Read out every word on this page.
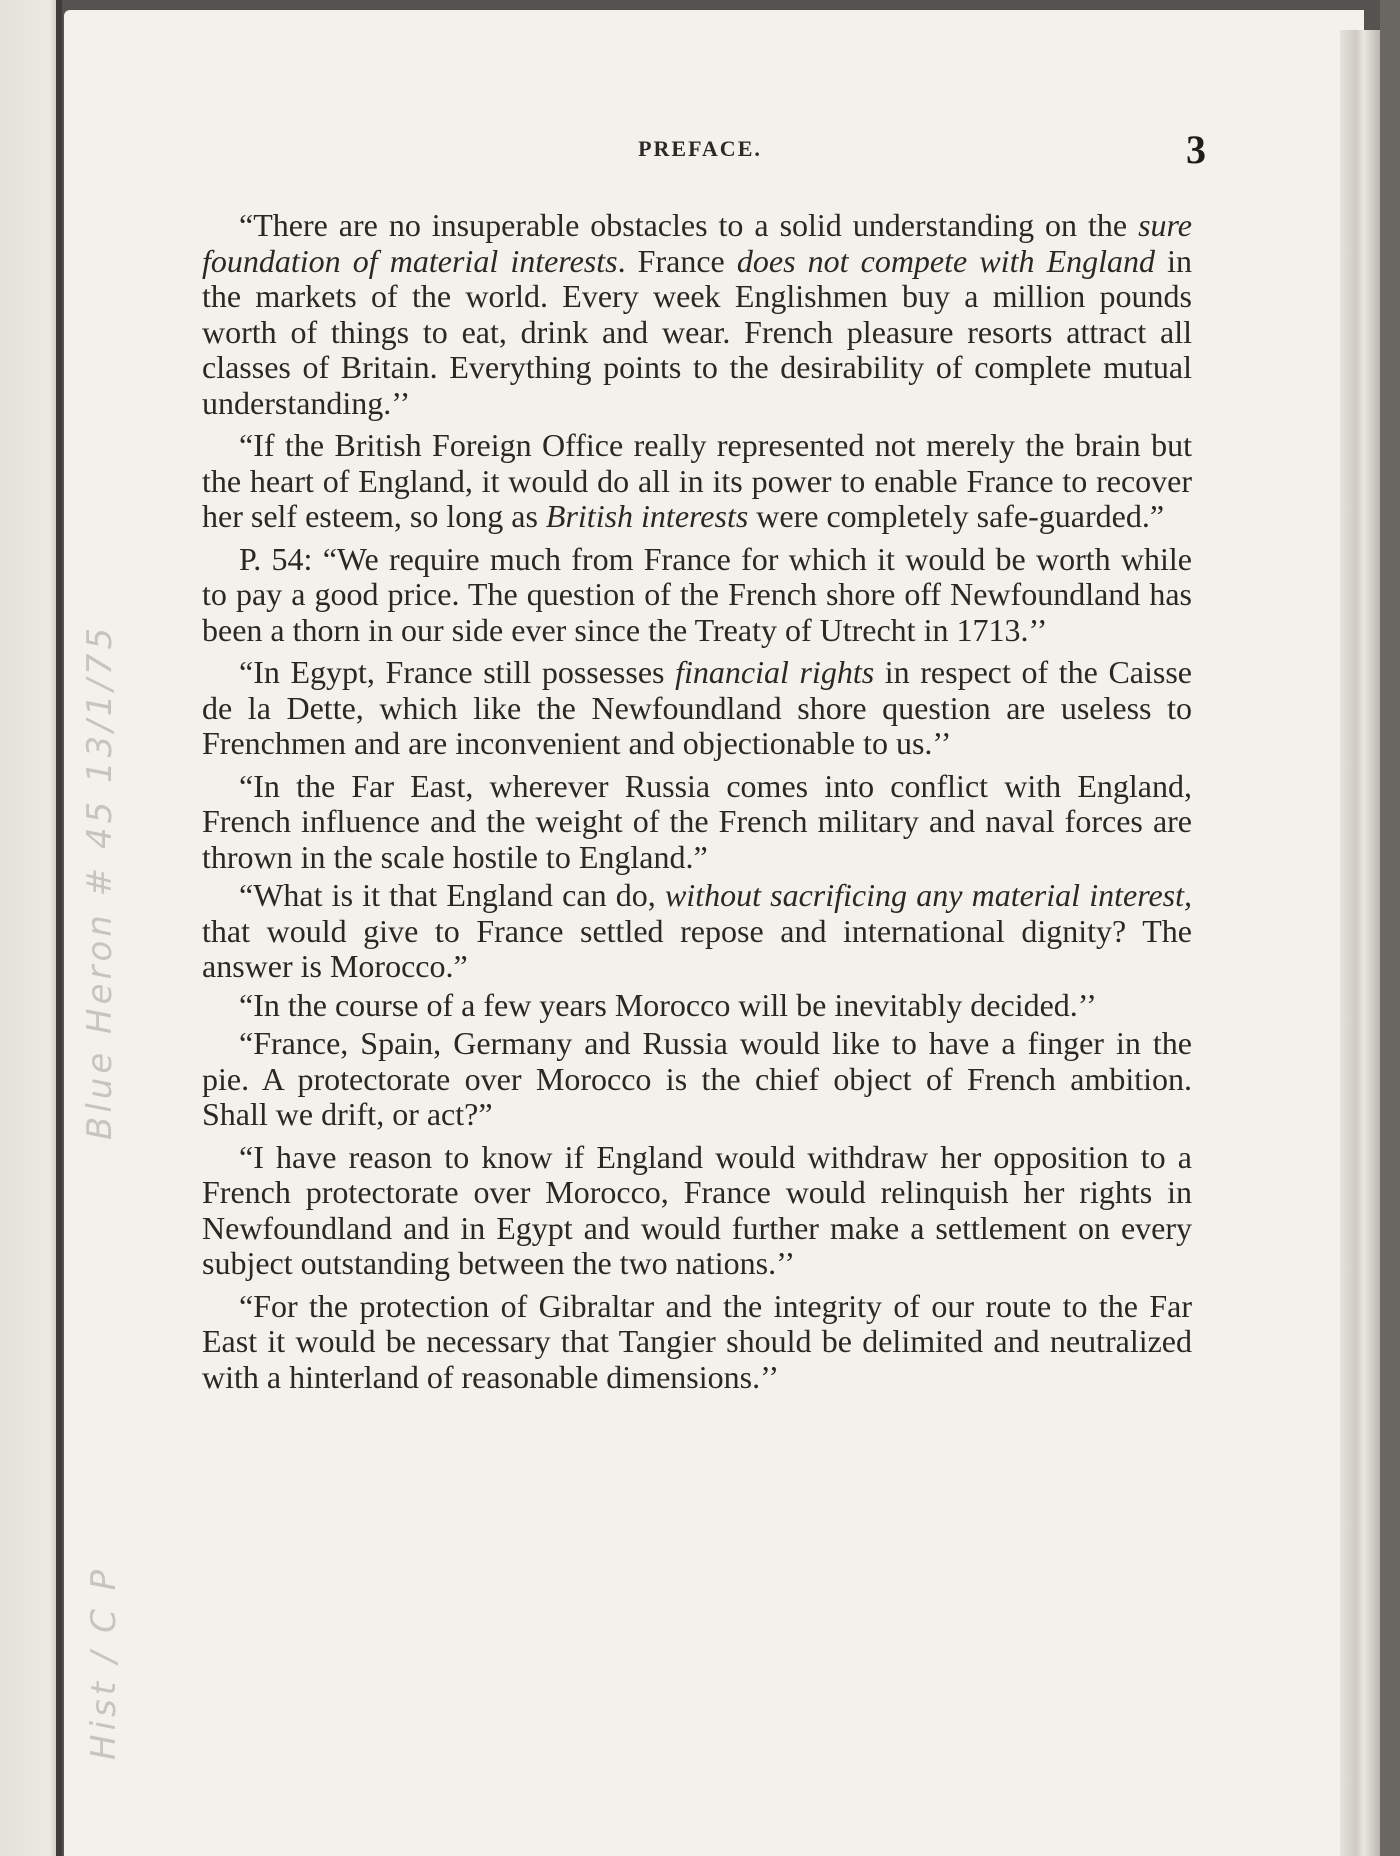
Blue Heron # 45 13/1/75
Hist / C P
PREFACE.	3

“There are no insuperable obstacles to a solid understanding on the sure foundation of material interests. France does not compete with England in the markets of the world. Every week Englishmen buy a million pounds worth of things to eat, drink and wear. French pleasure resorts attract all classes of Britain. Everything points to the desirability of complete mutual understanding.’’

“If the British Foreign Office really represented not merely the brain but the heart of England, it would do all in its power to enable France to recover her self esteem, so long as British interests were completely safe-guarded.”

P. 54: “We require much from France for which it would be worth while to pay a good price. The question of the French shore off Newfoundland has been a thorn in our side ever since the Treaty of Utrecht in 1713.’’

“In Egypt, France still possesses financial rights in respect of the Caisse de la Dette, which like the Newfoundland shore question are useless to Frenchmen and are inconvenient and objectionable to us.’’

“In the Far East, wherever Russia comes into conflict with England, French influence and the weight of the French military and naval forces are thrown in the scale hostile to England.”

“What is it that England can do, without sacrificing any material interest, that would give to France settled repose and international dignity? The answer is Morocco.”

“In the course of a few years Morocco will be inevitably decided.’’

“France, Spain, Germany and Russia would like to have a finger in the pie. A protectorate over Morocco is the chief object of French ambition. Shall we drift, or act?”

“I have reason to know if England would withdraw her opposition to a French protectorate over Morocco, France would relinquish her rights in Newfoundland and in Egypt and would further make a settlement on every subject outstanding between the two nations.’’

“For the protection of Gibraltar and the integrity of our route to the Far East it would be necessary that Tangier should be delimited and neutralized with a hinterland of reasonable dimensions.’’
